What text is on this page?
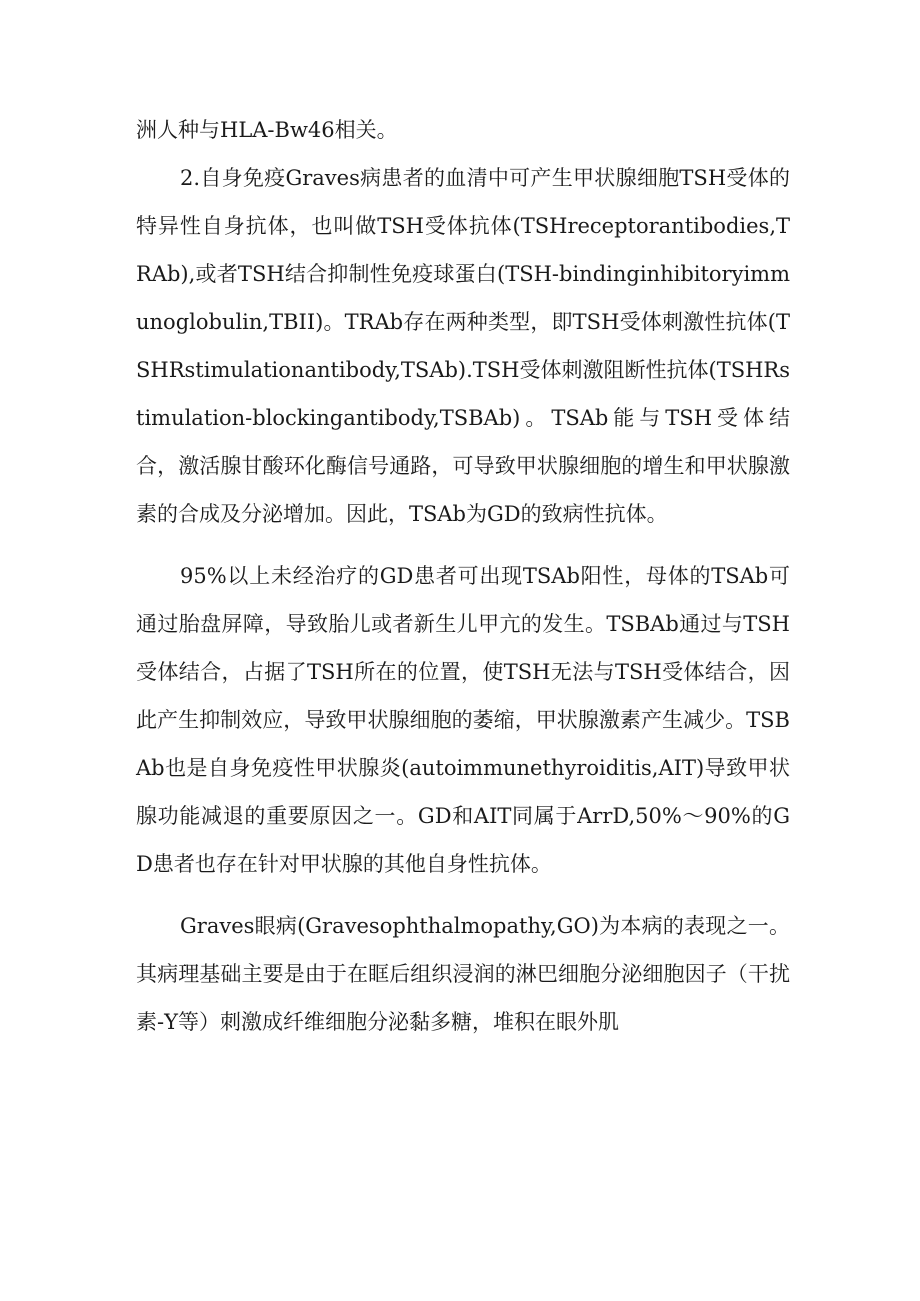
洲人种与HLA-Bw46相关。

2.自身免疫Graves病患者的血清中可产生甲状腺细胞TSH受体的特异性自身抗体，也叫做TSH受体抗体(TSHreceptorantibodies,TRAb),或者TSH结合抑制性免疫球蛋白(TSH-bindinginhibitoryimmunoglobulin,TBII)。TRAb存在两种类型，即TSH受体刺激性抗体(TSHRstimulationantibody,TSAb).TSH受体刺激阻断性抗体(TSHRstimulation-blockingantibody,TSBAb)。TSAb能与TSH受体结合，激活腺甘酸环化酶信号通路，可导致甲状腺细胞的增生和甲状腺激素的合成及分泌增加。因此，TSAb为GD的致病性抗体。

95%以上未经治疗的GD患者可出现TSAb阳性，母体的TSAb可通过胎盘屏障，导致胎儿或者新生儿甲亢的发生。TSBAb通过与TSH受体结合，占据了TSH所在的位置，使TSH无法与TSH受体结合，因此产生抑制效应，导致甲状腺细胞的萎缩，甲状腺激素产生减少。TSBAb也是自身免疫性甲状腺炎(autoimmunethyroiditis,AIT)导致甲状腺功能减退的重要原因之一。GD和AIT同属于ArrD,50%～90%的GD患者也存在针对甲状腺的其他自身性抗体。

Graves眼病(Gravesophthalmopathy,GO)为本病的表现之一。其病理基础主要是由于在眶后组织浸润的淋巴细胞分泌细胞因子（干扰素-Y等）刺激成纤维细胞分泌黏多糖，堆积在眼外肌
